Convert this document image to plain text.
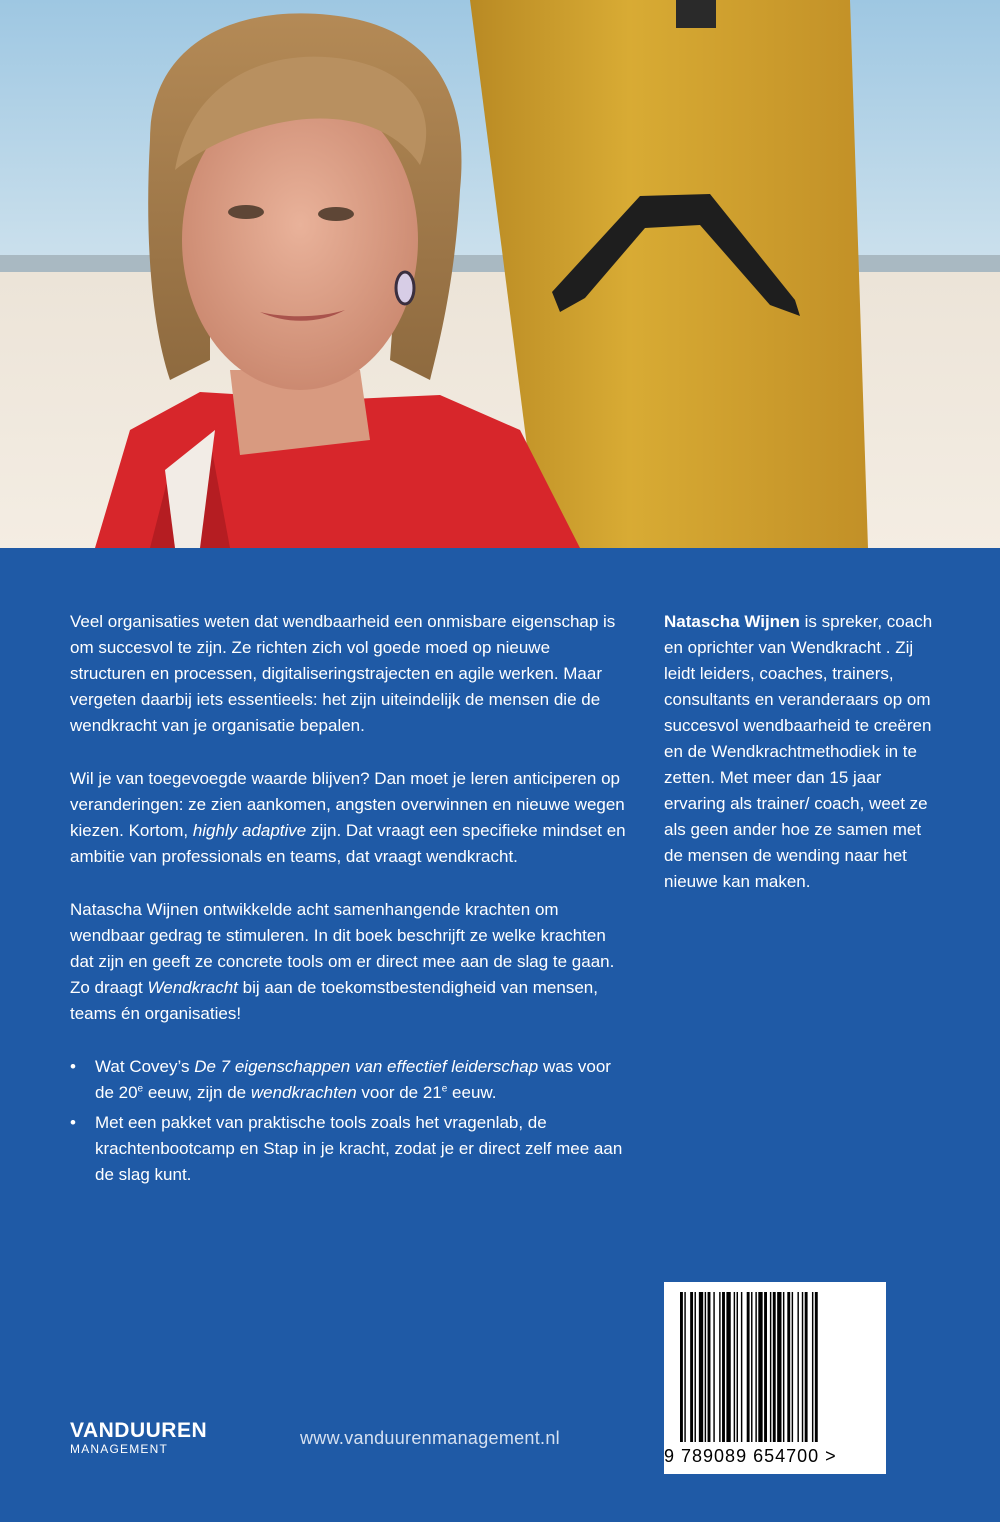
Veel organisaties weten dat wendbaarheid een onmisbare eigenschap is om succesvol te zijn. Ze richten zich vol goede moed op nieuwe structuren en processen, digitaliseringstrajecten en agile werken. Maar vergeten daarbij iets essentieels: het zijn uiteindelijk de mensen die de wendkracht van je organisatie bepalen.

Wil je van toegevoegde waarde blijven? Dan moet je leren anticiperen op veranderingen: ze zien aankomen, angsten overwinnen en nieuwe wegen kiezen. Kortom, highly adaptive zijn. Dat vraagt een specifieke mindset en ambitie van professionals en teams, dat vraagt wendkracht.

Natascha Wijnen ontwikkelde acht samenhangende krachten om wendbaar gedrag te stimuleren. In dit boek beschrijft ze welke krachten dat zijn en geeft ze concrete tools om er direct mee aan de slag te gaan. Zo draagt Wendkracht bij aan de toekomstbestendigheid van mensen, teams én organisaties!

• Wat Covey’s De 7 eigenschappen van effectief leiderschap was voor de 20e eeuw, zijn de wendkrachten voor de 21e eeuw.
• Met een pakket van praktische tools zoals het vragenlab, de krachtenbootcamp en Stap in je kracht, zodat je er direct zelf mee aan de slag kunt.

Natascha Wijnen is spreker, coach en oprichter van Wendkracht . Zij leidt leiders, coaches, trainers, consultants en veranderaars op om succesvol wendbaarheid te creëren en de Wendkrachtmethodiek in te zetten. Met meer dan 15 jaar ervaring als trainer/ coach, weet ze als geen ander hoe ze samen met de mensen de wending naar het nieuwe kan maken.

VANDUUREN
MANAGEMENT
www.vanduurenmanagement.nl
9 789089 654700 >
